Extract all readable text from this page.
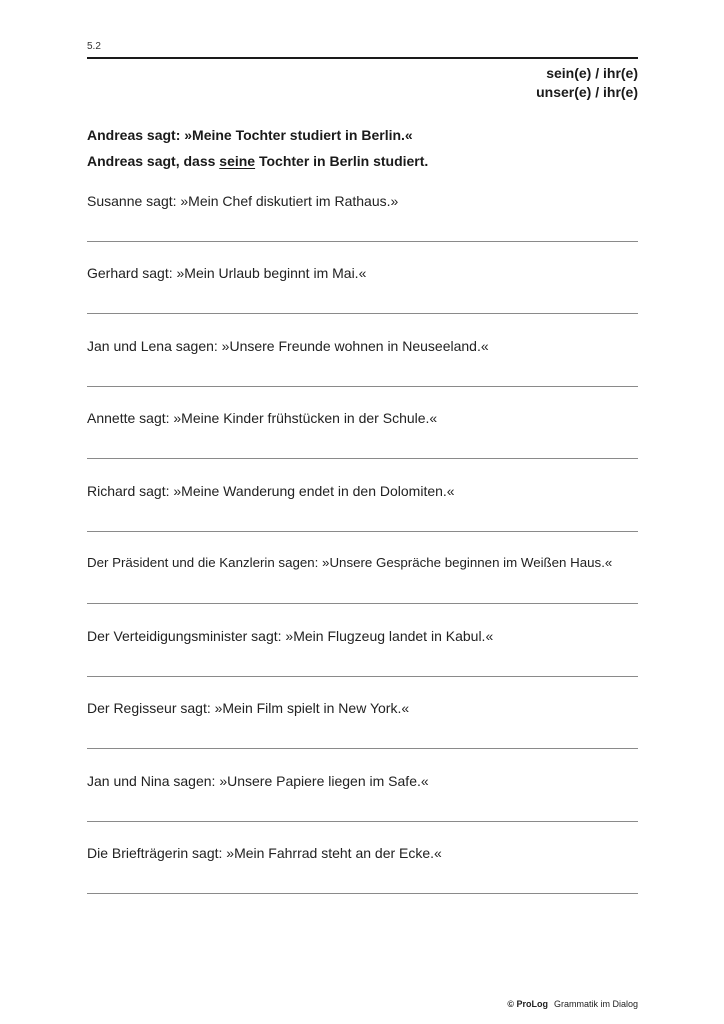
5.2
sein(e) / ihr(e)
unser(e) / ihr(e)
Andreas sagt: »Meine Tochter studiert in Berlin.«
Andreas sagt, dass seine Tochter in Berlin studiert.
Susanne sagt: »Mein Chef diskutiert im Rathaus.»
Gerhard sagt: »Mein Urlaub beginnt im Mai.«
Jan und Lena sagen: »Unsere Freunde wohnen in Neuseeland.«
Annette sagt: »Meine Kinder frühstücken in der Schule.«
Richard sagt: »Meine Wanderung endet in den Dolomiten.«
Der Präsident und die Kanzlerin sagen: »Unsere Gespräche beginnen im Weißen Haus.«
Der Verteidigungsminister sagt: »Mein Flugzeug landet in Kabul.«
Der Regisseur sagt: »Mein Film spielt in New York.«
Jan und Nina sagen: »Unsere Papiere liegen im Safe.«
Die Briefträgerin sagt: »Mein Fahrrad steht an der Ecke.«
© ProLog Grammatik im Dialog
